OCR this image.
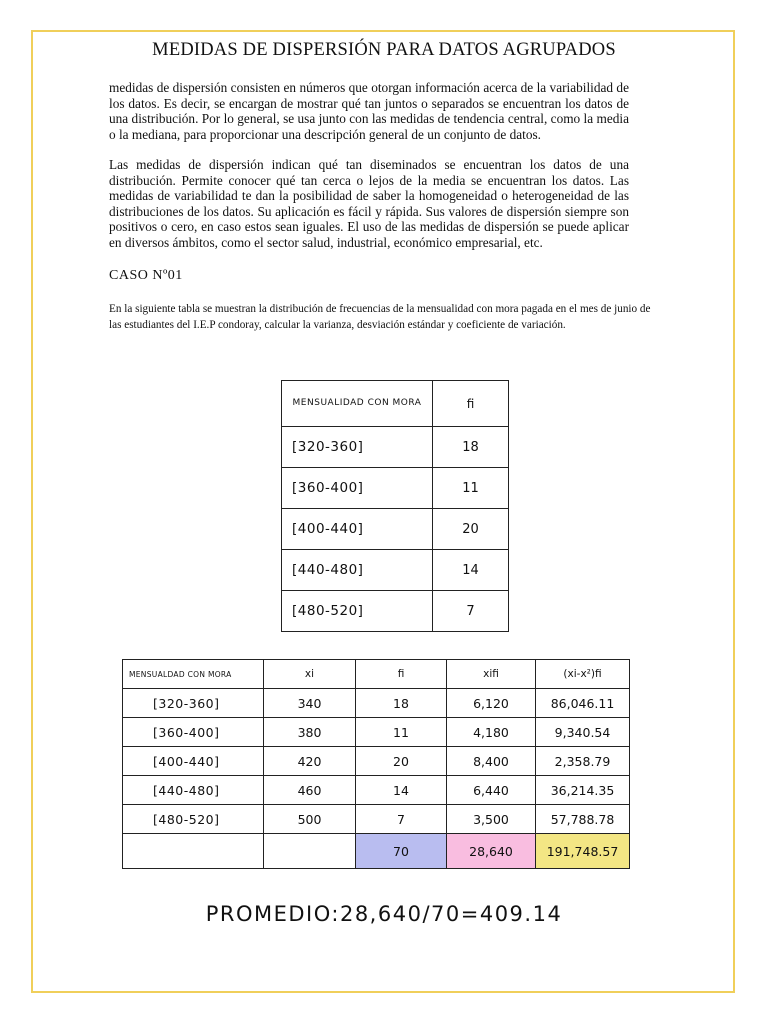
MEDIDAS DE DISPERSIÓN PARA DATOS AGRUPADOS

medidas de dispersión consisten en números que otorgan información acerca de la variabilidad de los datos. Es decir, se encargan de mostrar qué tan juntos o separados se encuentran los datos de una distribución. Por lo general, se usa junto con las medidas de tendencia central, como la media o la mediana, para proporcionar una descripción general de un conjunto de datos.

Las medidas de dispersión indican qué tan diseminados se encuentran los datos de una distribución. Permite conocer qué tan cerca o lejos de la media se encuentran los datos. Las medidas de variabilidad te dan la posibilidad de saber la homogeneidad o heterogeneidad de las distribuciones de los datos. Su aplicación es fácil y rápida. Sus valores de dispersión siempre son positivos o cero, en caso estos sean iguales. El uso de las medidas de dispersión se puede aplicar en diversos ámbitos, como el sector salud, industrial, económico empresarial, etc.

CASO Nº01

En la siguiente tabla se muestran la distribución de frecuencias de la mensualidad con mora pagada en el mes de junio de las estudiantes del I.E.P condoray, calcular la varianza, desviación estándar y coeficiente de variación.

MENSUALIDAD CON MORA	fi
[320-360]	18
[360-400]	11
[400-440]	20
[440-480]	14
[480-520]	7
MENSUALDAD CON MORA	xi	fi	xifi	(xi-x²)fi
[320-360]	340	18	6,120	86,046.11
[360-400]	380	11	4,180	9,340.54
[400-440]	420	20	8,400	2,358.79
[440-480]	460	14	6,440	36,214.35
[480-520]	500	7	3,500	57,788.78
		70	28,640	191,748.57

PROMEDIO:28,640/70=409.14
